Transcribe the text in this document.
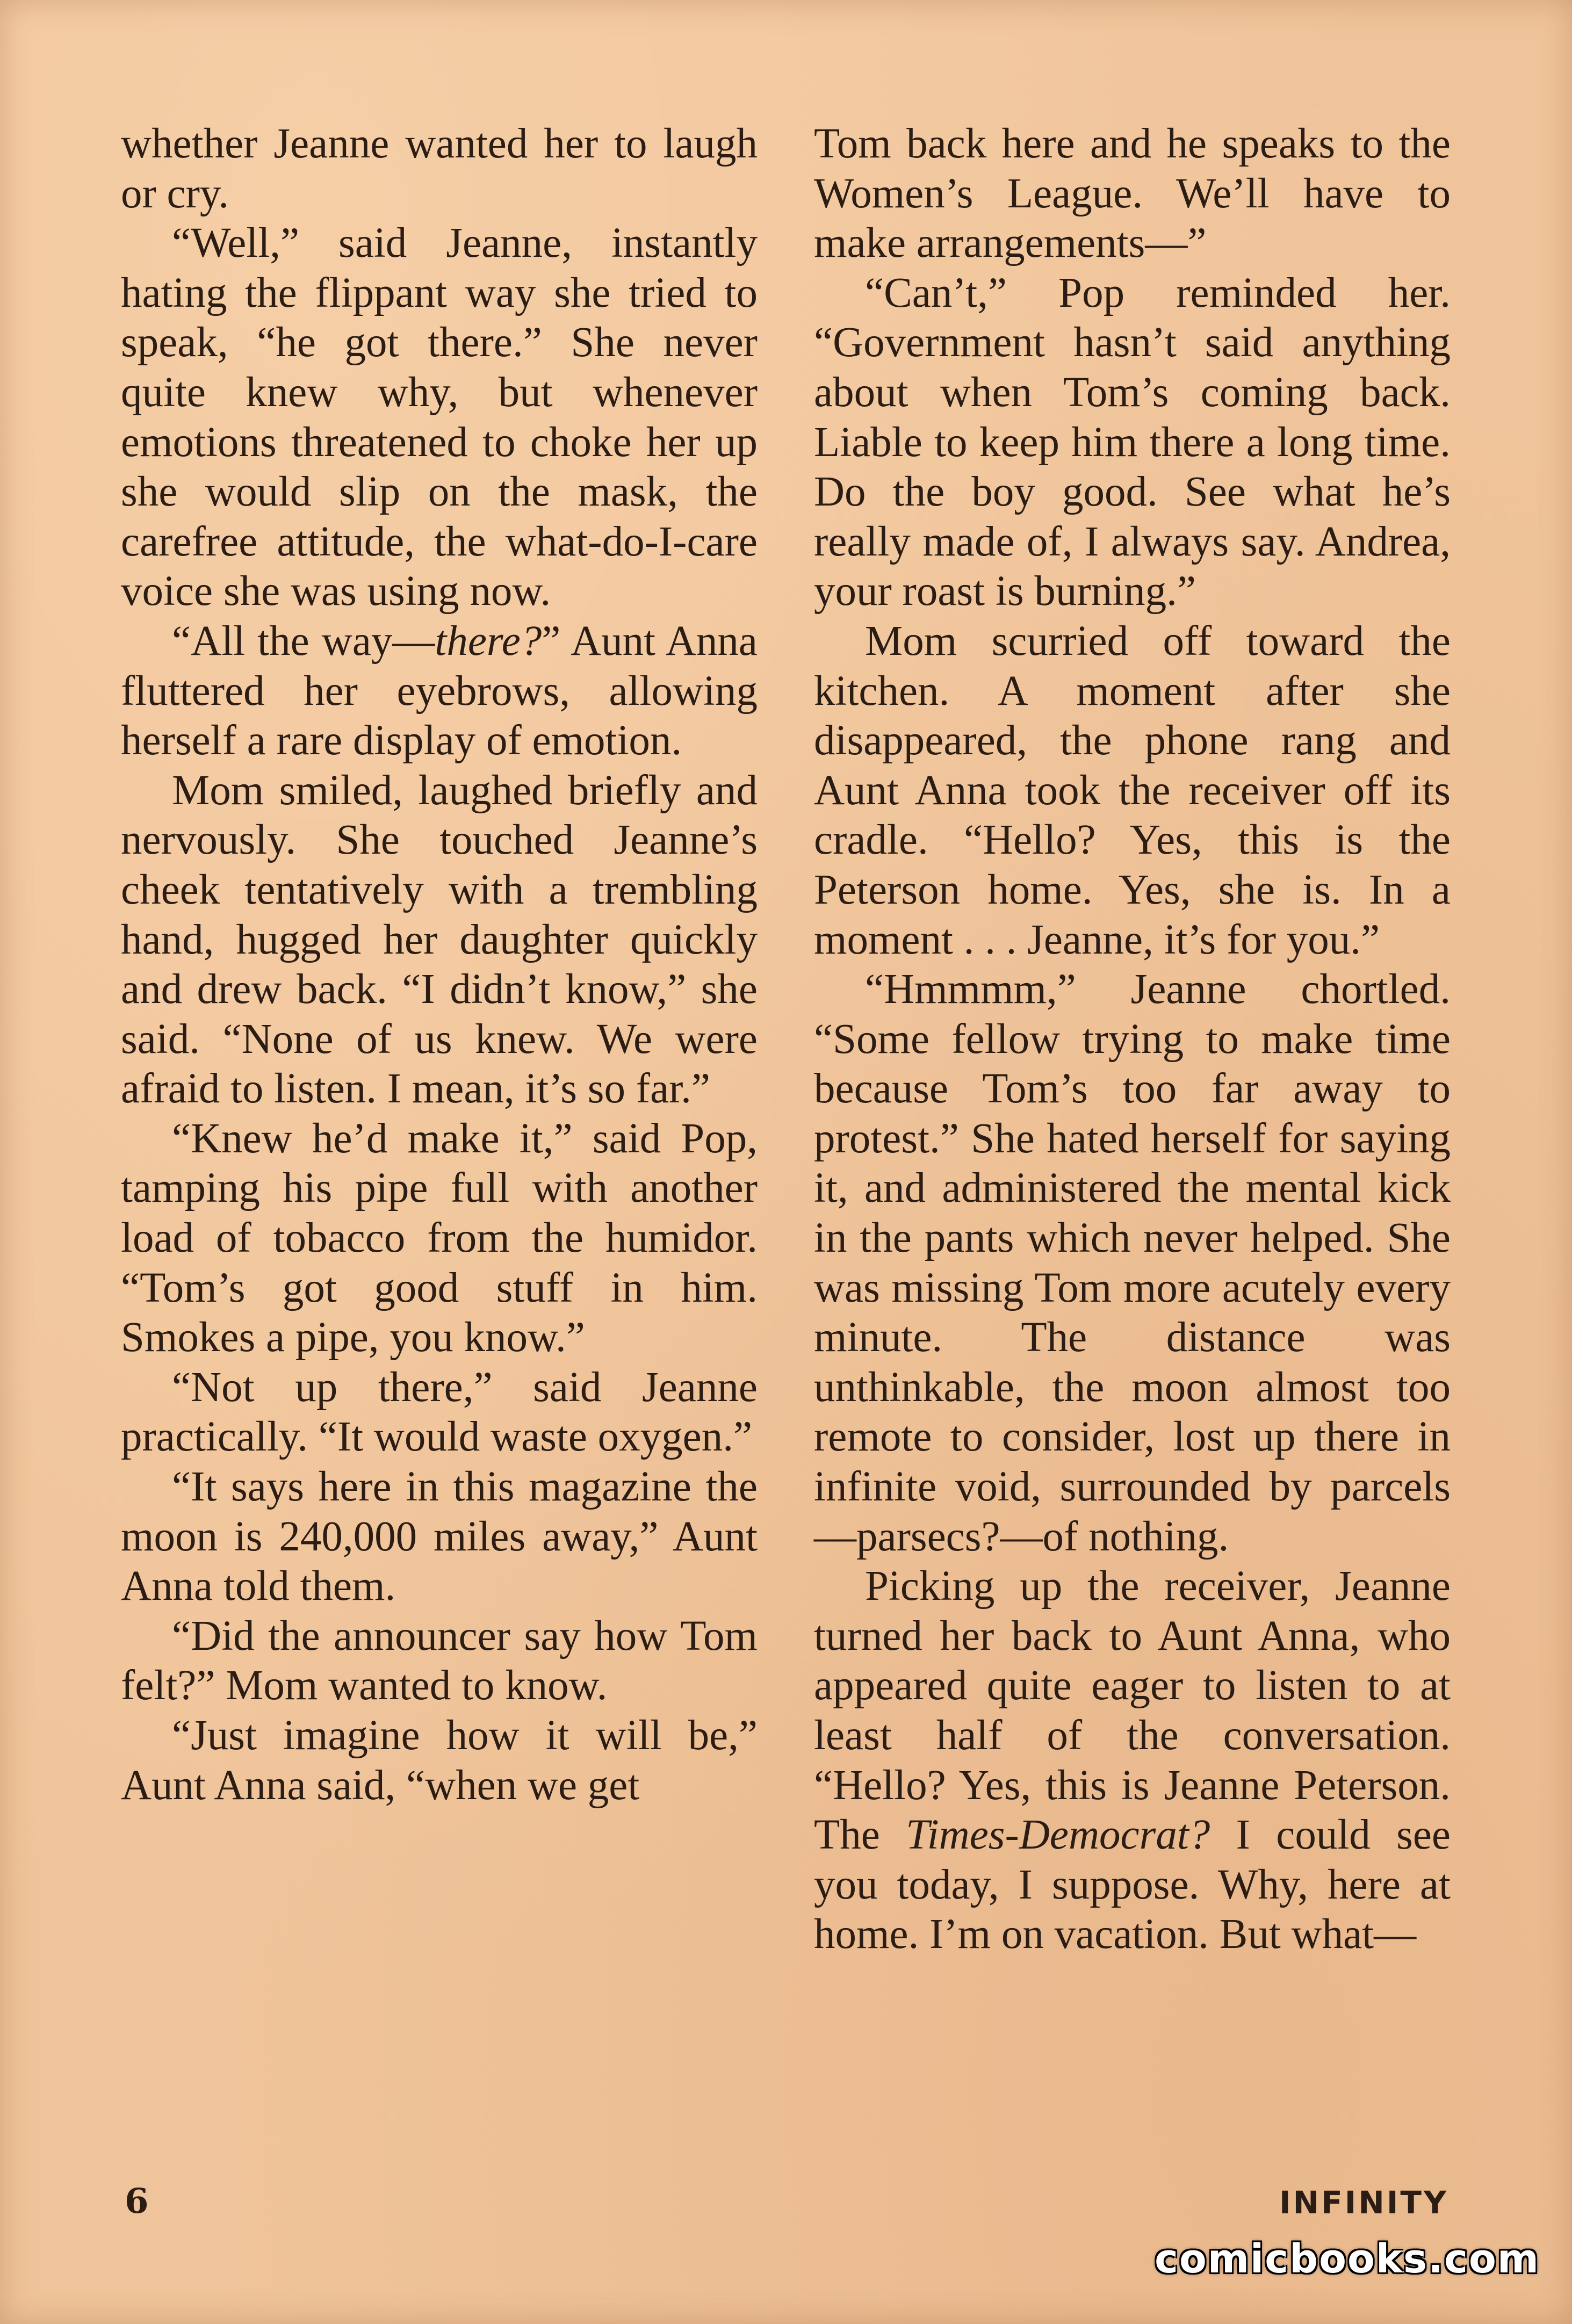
whether Jeanne wanted her to laugh or cry.

“Well,” said Jeanne, instantly hating the flippant way she tried to speak, “he got there.” She never quite knew why, but whenever emotions threatened to choke her up she would slip on the mask, the carefree attitude, the what-do-I-care voice she was using now.

“All the way—there?” Aunt Anna fluttered her eyebrows, allowing herself a rare display of emotion.

Mom smiled, laughed briefly and nervously. She touched Jeanne’s cheek tentatively with a trembling hand, hugged her daughter quickly and drew back. “I didn’t know,” she said. “None of us knew. We were afraid to listen. I mean, it’s so far.”

“Knew he’d make it,” said Pop, tamping his pipe full with another load of tobacco from the humidor. “Tom’s got good stuff in him. Smokes a pipe, you know.”

“Not up there,” said Jeanne practically. “It would waste oxygen.”

“It says here in this magazine the moon is 240,000 miles away,” Aunt Anna told them.

“Did the announcer say how Tom felt?” Mom wanted to know.

“Just imagine how it will be,” Aunt Anna said, “when we get

Tom back here and he speaks to the Women’s League. We’ll have to make arrangements—”

“Can’t,” Pop reminded her. “Government hasn’t said anything about when Tom’s coming back. Liable to keep him there a long time. Do the boy good. See what he’s really made of, I always say. Andrea, your roast is burning.”

Mom scurried off toward the kitchen. A moment after she disappeared, the phone rang and Aunt Anna took the receiver off its cradle. “Hello? Yes, this is the Peterson home. Yes, she is. In a moment . . . Jeanne, it’s for you.”

“Hmmmm,” Jeanne chortled. “Some fellow trying to make time because Tom’s too far away to protest.” She hated herself for saying it, and administered the mental kick in the pants which never helped. She was missing Tom more acutely every minute. The distance was unthinkable, the moon almost too remote to consider, lost up there in infinite void, surrounded by parcels—parsecs?—of nothing.

Picking up the receiver, Jeanne turned her back to Aunt Anna, who appeared quite eager to listen to at least half of the conversation. “Hello? Yes, this is Jeanne Peterson. The Times-Democrat? I could see you today, I suppose. Why, here at home. I’m on vacation. But what—

6	INFINITY
comicbooks.com
